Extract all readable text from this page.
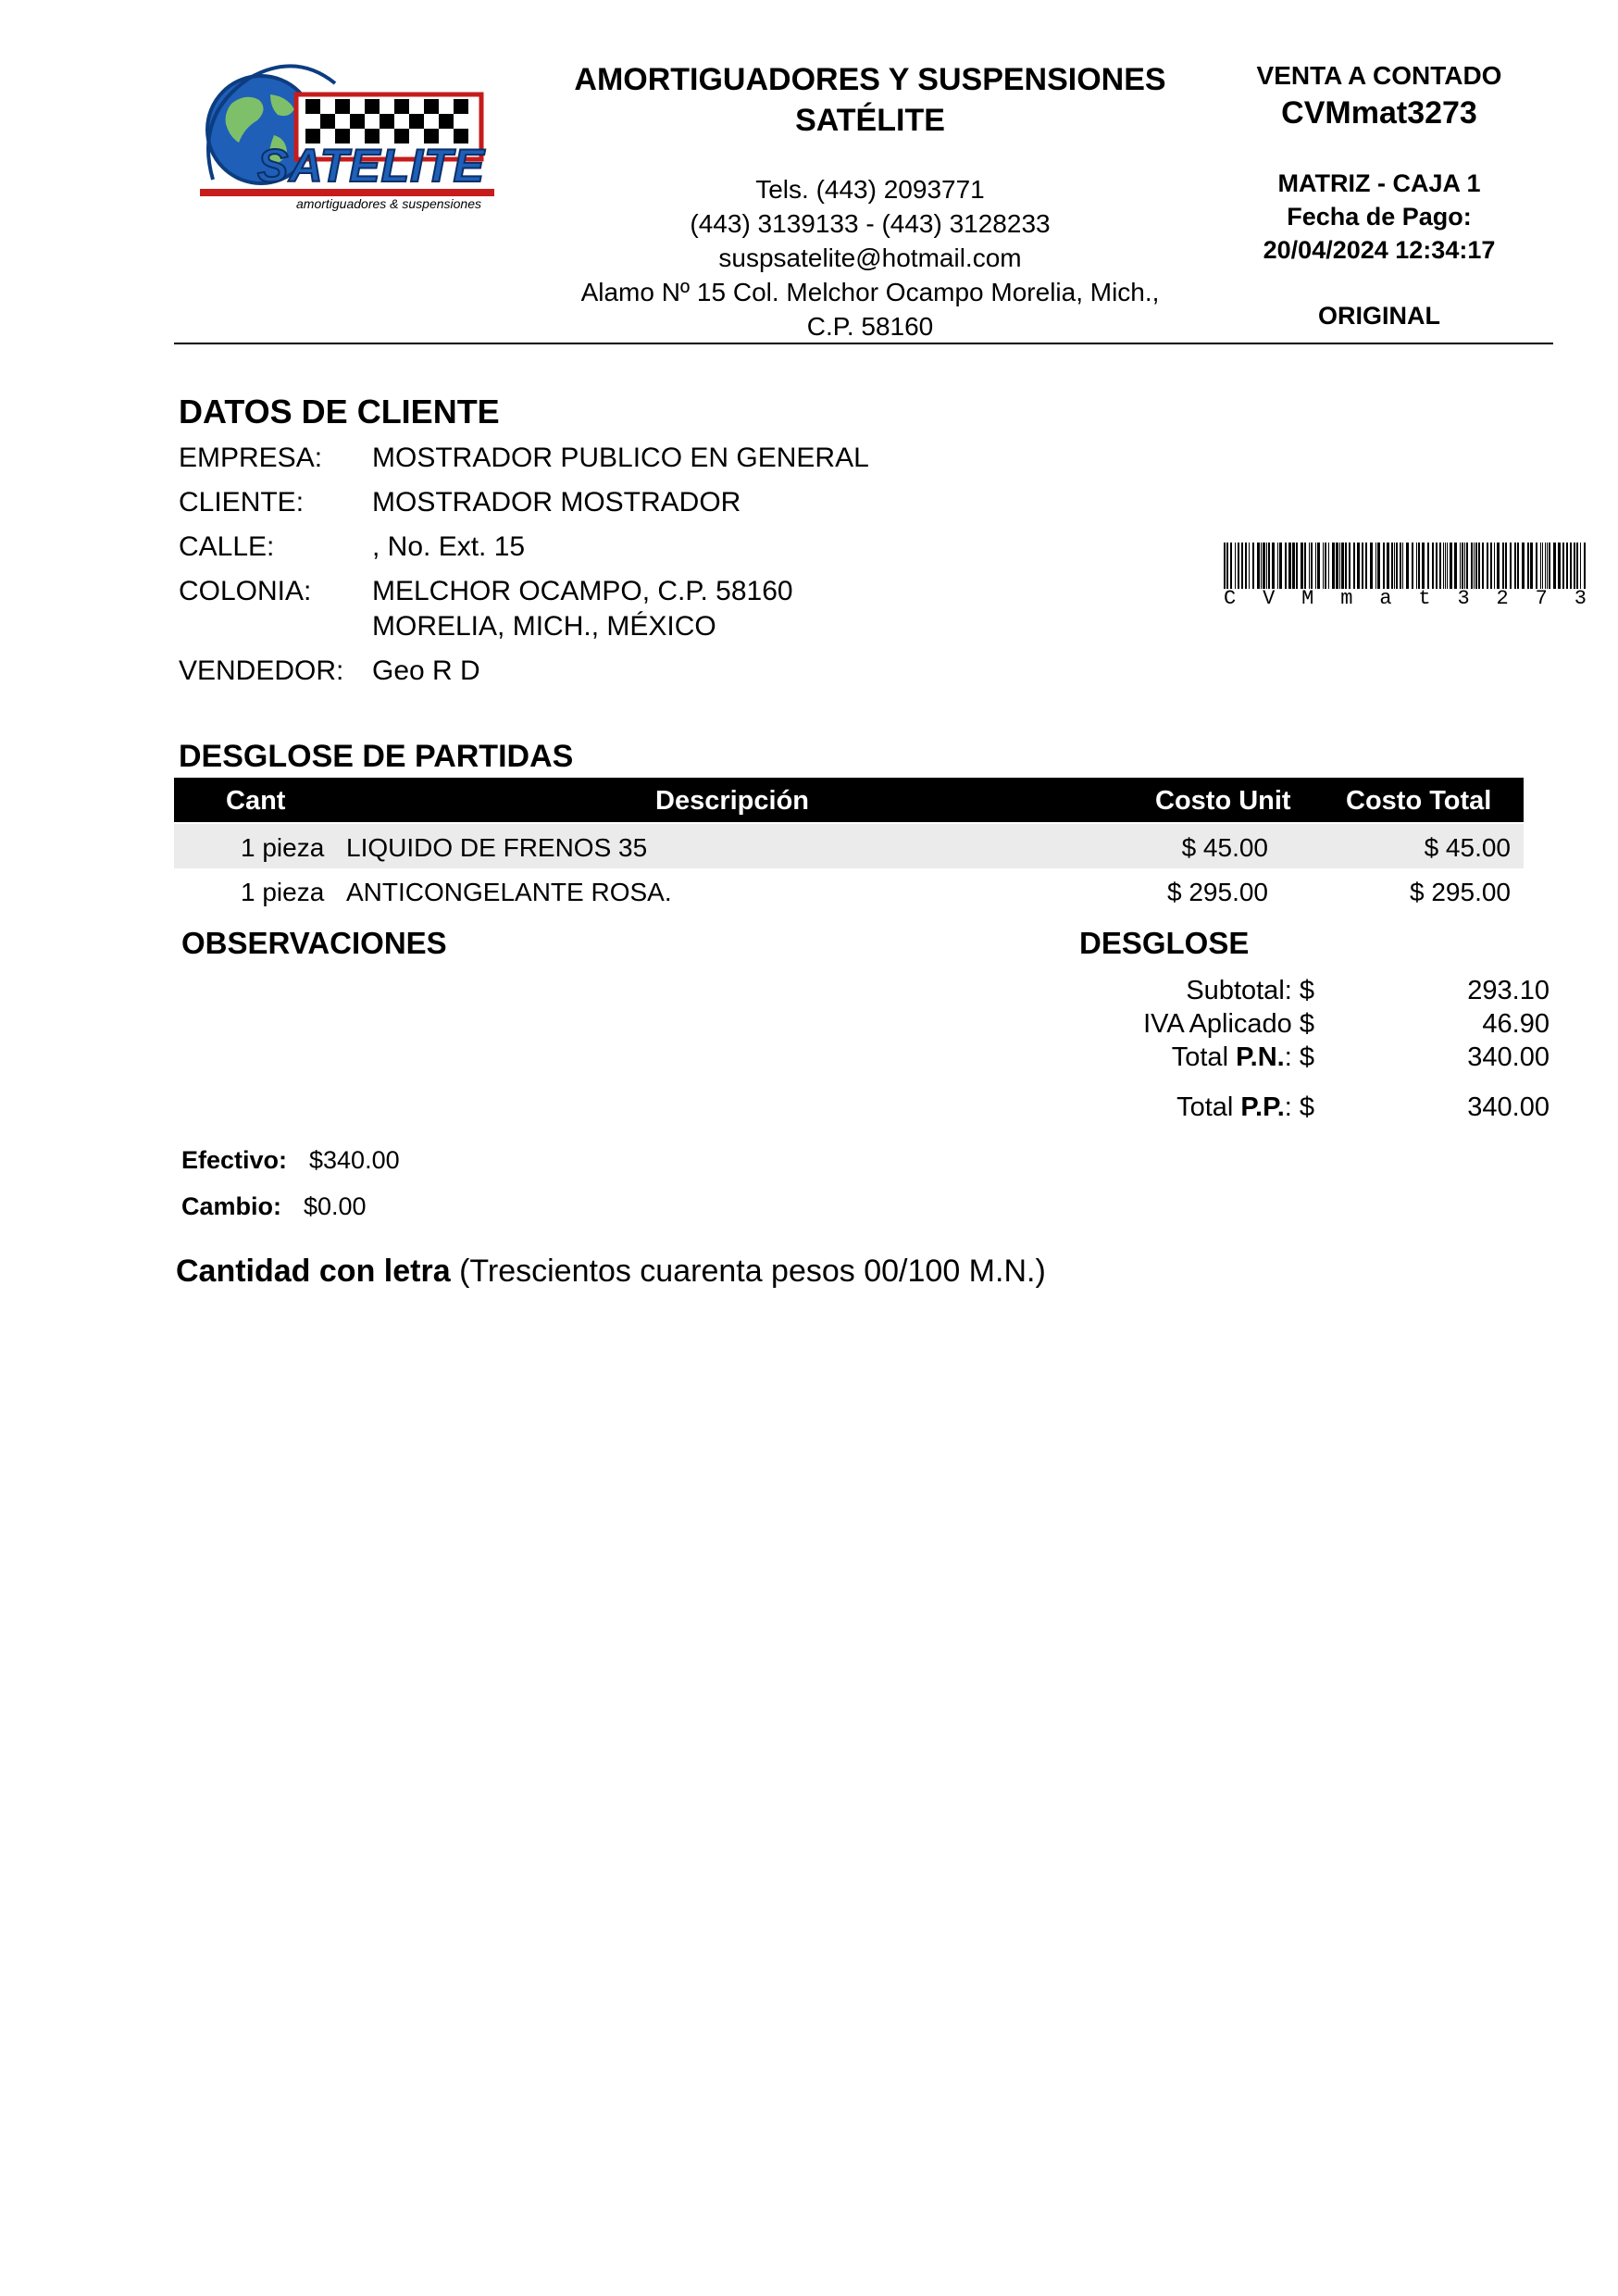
SATELITE
amortiguadores & suspensiones
AMORTIGUADORES Y SUSPENSIONES
SATÉLITE
Tels. (443) 2093771
(443) 3139133 - (443) 3128233
suspsatelite@hotmail.com
Alamo Nº 15 Col. Melchor Ocampo Morelia, Mich.,
C.P. 58160
VENTA A CONTADO
CVMmat3273
MATRIZ - CAJA 1
Fecha de Pago:
20/04/2024 12:34:17
ORIGINAL
DATOS DE CLIENTE
EMPRESA: MOSTRADOR PUBLICO EN GENERAL
CLIENTE: MOSTRADOR MOSTRADOR
CALLE:	, No. Ext. 15
COLONIA: MELCHOR OCAMPO, C.P. 58160
MORELIA, MICH., MÉXICO
VENDEDOR: Geo R D
C V M m a t 3 2 7 3
DESGLOSE DE PARTIDAS
Cant	Descripción	Costo Unit Costo Total
1 pieza LIQUIDO DE FRENOS 35	$ 45.00	$ 45.00
1 pieza ANTICONGELANTE ROSA.	$ 295.00	$ 295.00
OBSERVACIONES	DESGLOSE
Subtotal: $	293.10
IVA Aplicado $	46.90
Total P.N.: $	340.00
Total P.P.: $	340.00
Efectivo: $340.00
Cambio: $0.00
Cantidad con letra (Trescientos cuarenta pesos 00/100 M.N.)
